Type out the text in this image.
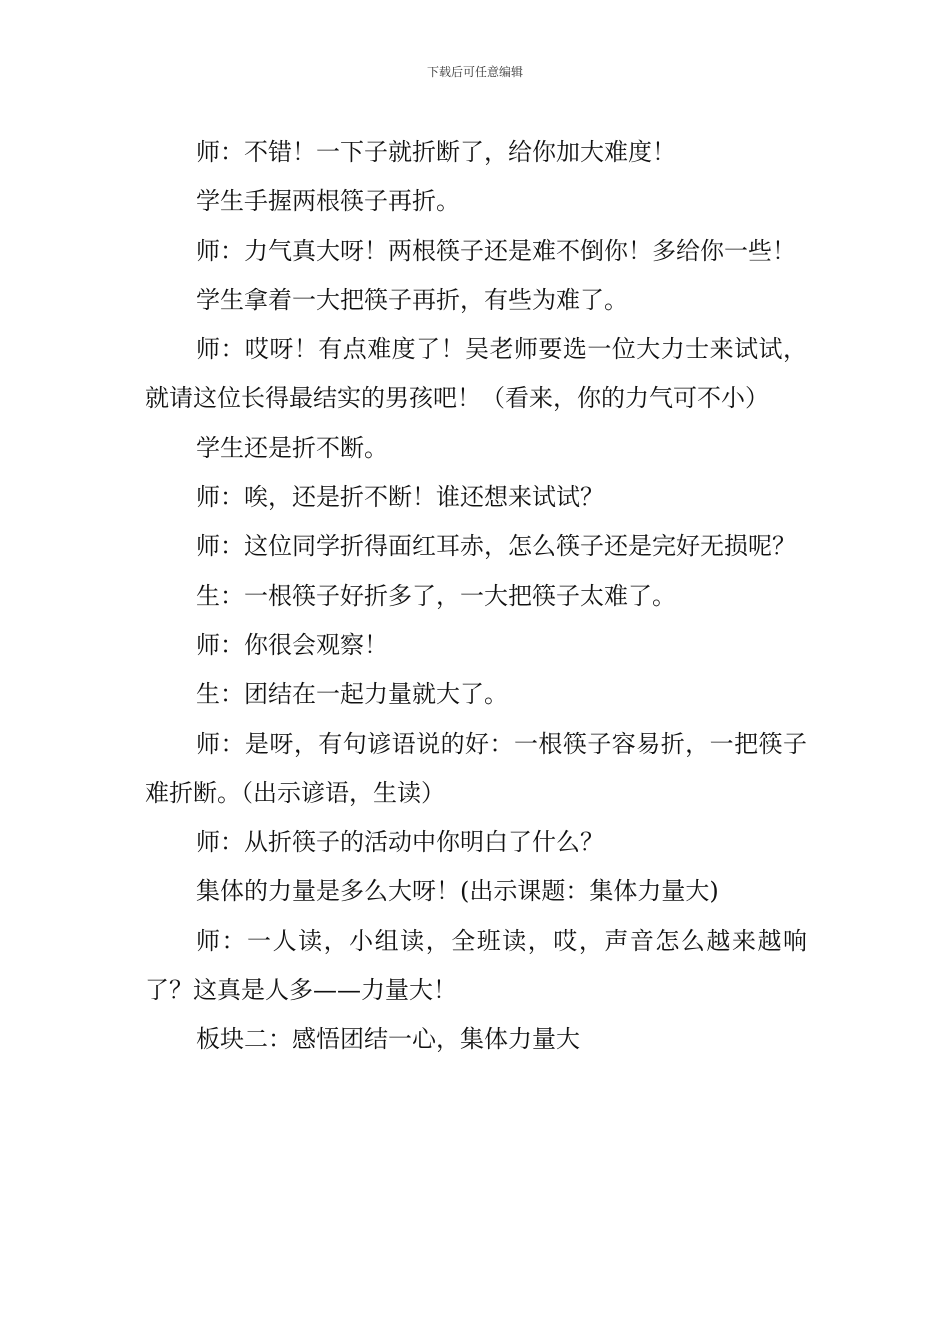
下载后可任意编辑

师：不错！一下子就折断了，给你加大难度！

学生手握两根筷子再折。

师：力气真大呀！两根筷子还是难不倒你！多给你一些！

学生拿着一大把筷子再折，有些为难了。

师：哎呀！有点难度了！吴老师要选一位大力士来试试，就请这位长得最结实的男孩吧！（看来，你的力气可不小）

学生还是折不断。

师：唉，还是折不断！谁还想来试试？

师：这位同学折得面红耳赤，怎么筷子还是完好无损呢？

生：一根筷子好折多了，一大把筷子太难了。

师：你很会观察！

生：团结在一起力量就大了。

师：是呀，有句谚语说的好：一根筷子容易折，一把筷子难折断。（出示谚语，生读）

师：从折筷子的活动中你明白了什么？

集体的力量是多么大呀！(出示课题：集体力量大)

师：一人读，小组读，全班读，哎，声音怎么越来越响了？这真是人多——力量大！

板块二：感悟团结一心，集体力量大
